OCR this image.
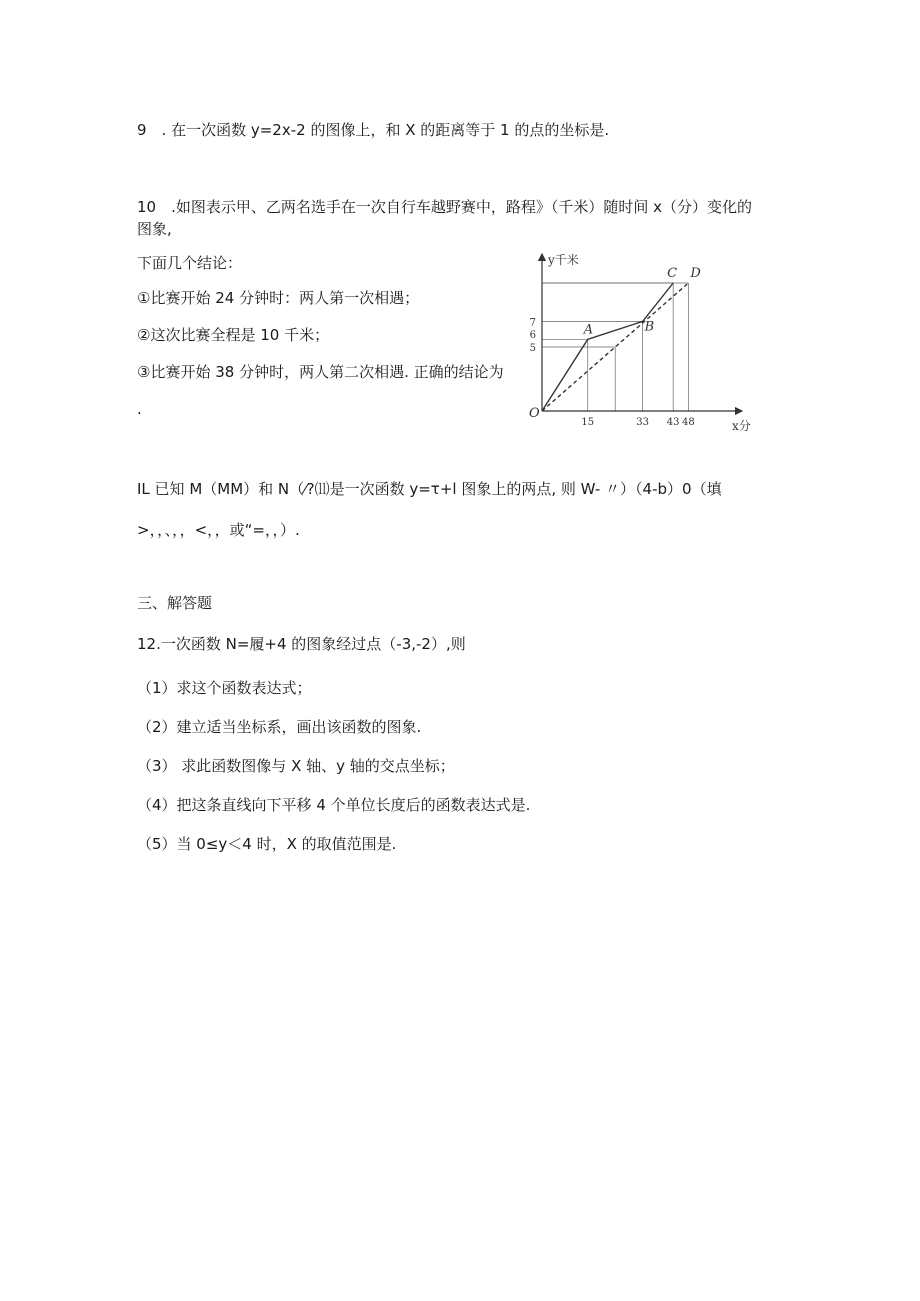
9　. 在一次函数 y=2x-2 的图像上，和 X 的距离等于 1 的点的坐标是.
10　.如图表示甲、乙两名选手在一次自行车越野赛中，路程》（千米）随时间 x（分）变化的
图象,
下面几个结论：
①比赛开始 24 分钟时：两人第一次相遇；
②这次比赛全程是 10 千米；
③比赛开始 38 分钟时，两人第二次相遇. 正确的结论为
.
y千米
x分
O
15	33 43 48
5
6
7	A	B
C D
IL 已知 M（MM）和 N（⁄?⑾是一次函数 y=τ+l 图象上的两点, 则 W- 〃）（4-b）0（填
>，，、，，<，，或“=，，）.
三、解答题
12.一次函数 N=履+4 的图象经过点（-3,-2）,则
（1）求这个函数表达式；
（2）建立适当坐标系，画出该函数的图象.
（3） 求此函数图像与 X 轴、y 轴的交点坐标；
（4）把这条直线向下平移 4 个单位长度后的函数表达式是.
（5）当 0≤y＜4 时，X 的取值范围是.
